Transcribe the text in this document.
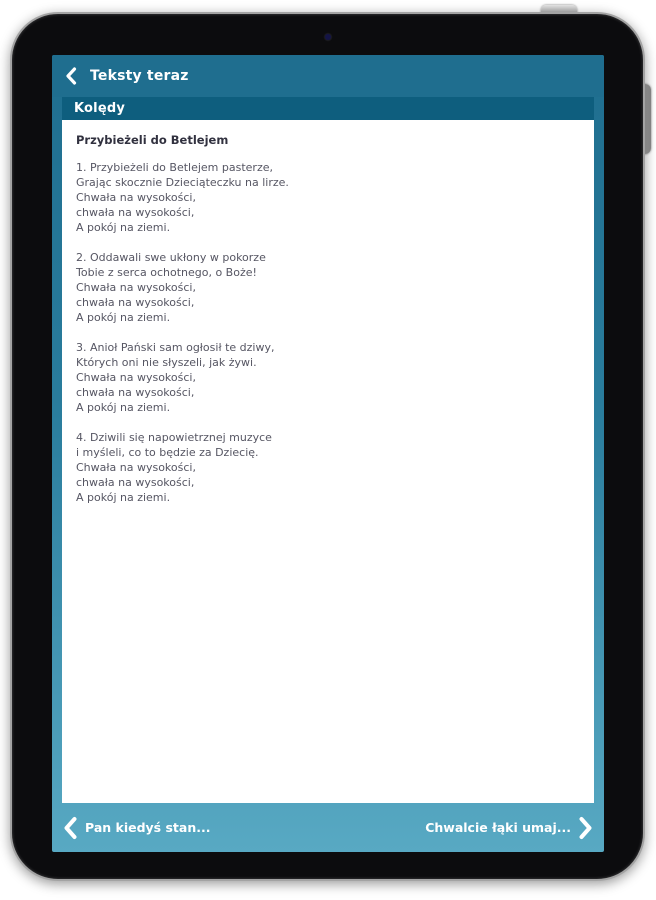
Teksty teraz
Kolędy
Przybieżeli do Betlejem
1. Przybieżeli do Betlejem pasterze,
Grając skocznie Dzieciąteczku na lirze.
Chwała na wysokości,
chwała na wysokości,
A pokój na ziemi.
2. Oddawali swe ukłony w pokorze
Tobie z serca ochotnego, o Boże!
Chwała na wysokości,
chwała na wysokości,
A pokój na ziemi.
3. Anioł Pański sam ogłosił te dziwy,
Których oni nie słyszeli, jak żywi.
Chwała na wysokości,
chwała na wysokości,
A pokój na ziemi.
4. Dziwili się napowietrznej muzyce
i myśleli, co to będzie za Dziecię.
Chwała na wysokości,
chwała na wysokości,
A pokój na ziemi.
Pan kiedyś stan...	Chwalcie łąki umaj...
